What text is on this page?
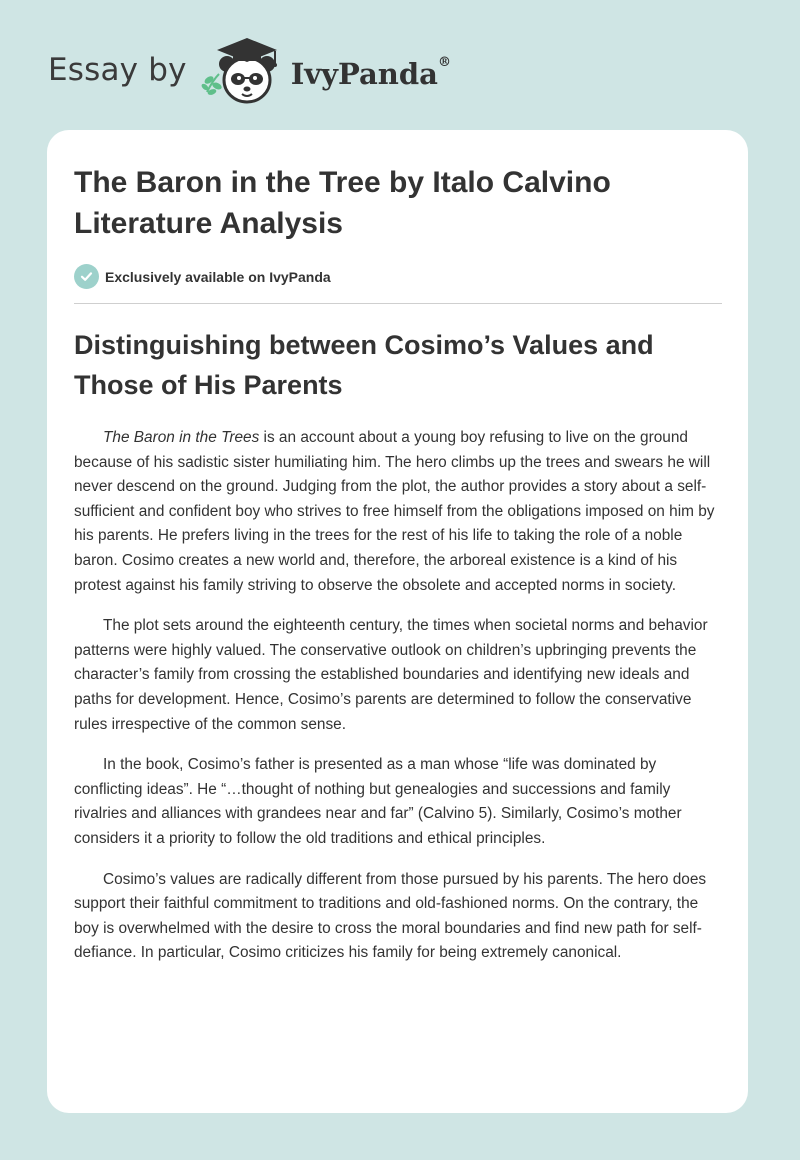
Essay by	IvyPanda®
The Baron in the Tree by Italo Calvino Literature Analysis
Exclusively available on IvyPanda
Distinguishing between Cosimo’s Values and Those of His Parents

The Baron in the Trees is an account about a young boy refusing to live on the ground because of his sadistic sister humiliating him. The hero climbs up the trees and swears he will never descend on the ground. Judging from the plot, the author provides a story about a self-sufficient and confident boy who strives to free himself from the obligations imposed on him by his parents. He prefers living in the trees for the rest of his life to taking the role of a noble baron. Cosimo creates a new world and, therefore, the arboreal existence is a kind of his protest against his family striving to observe the obsolete and accepted norms in society.

The plot sets around the eighteenth century, the times when societal norms and behavior patterns were highly valued. The conservative outlook on children’s upbringing prevents the character’s family from crossing the established boundaries and identifying new ideals and paths for development. Hence, Cosimo’s parents are determined to follow the conservative rules irrespective of the common sense.

In the book, Cosimo’s father is presented as a man whose “life was dominated by conflicting ideas”. He “…thought of nothing but genealogies and successions and family rivalries and alliances with grandees near and far” (Calvino 5). Similarly, Cosimo’s mother considers it a priority to follow the old traditions and ethical principles.

Cosimo’s values are radically different from those pursued by his parents. The hero does support their faithful commitment to traditions and old-fashioned norms. On the contrary, the boy is overwhelmed with the desire to cross the moral boundaries and find new path for self-defiance. In particular, Cosimo criticizes his family for being extremely canonical.
